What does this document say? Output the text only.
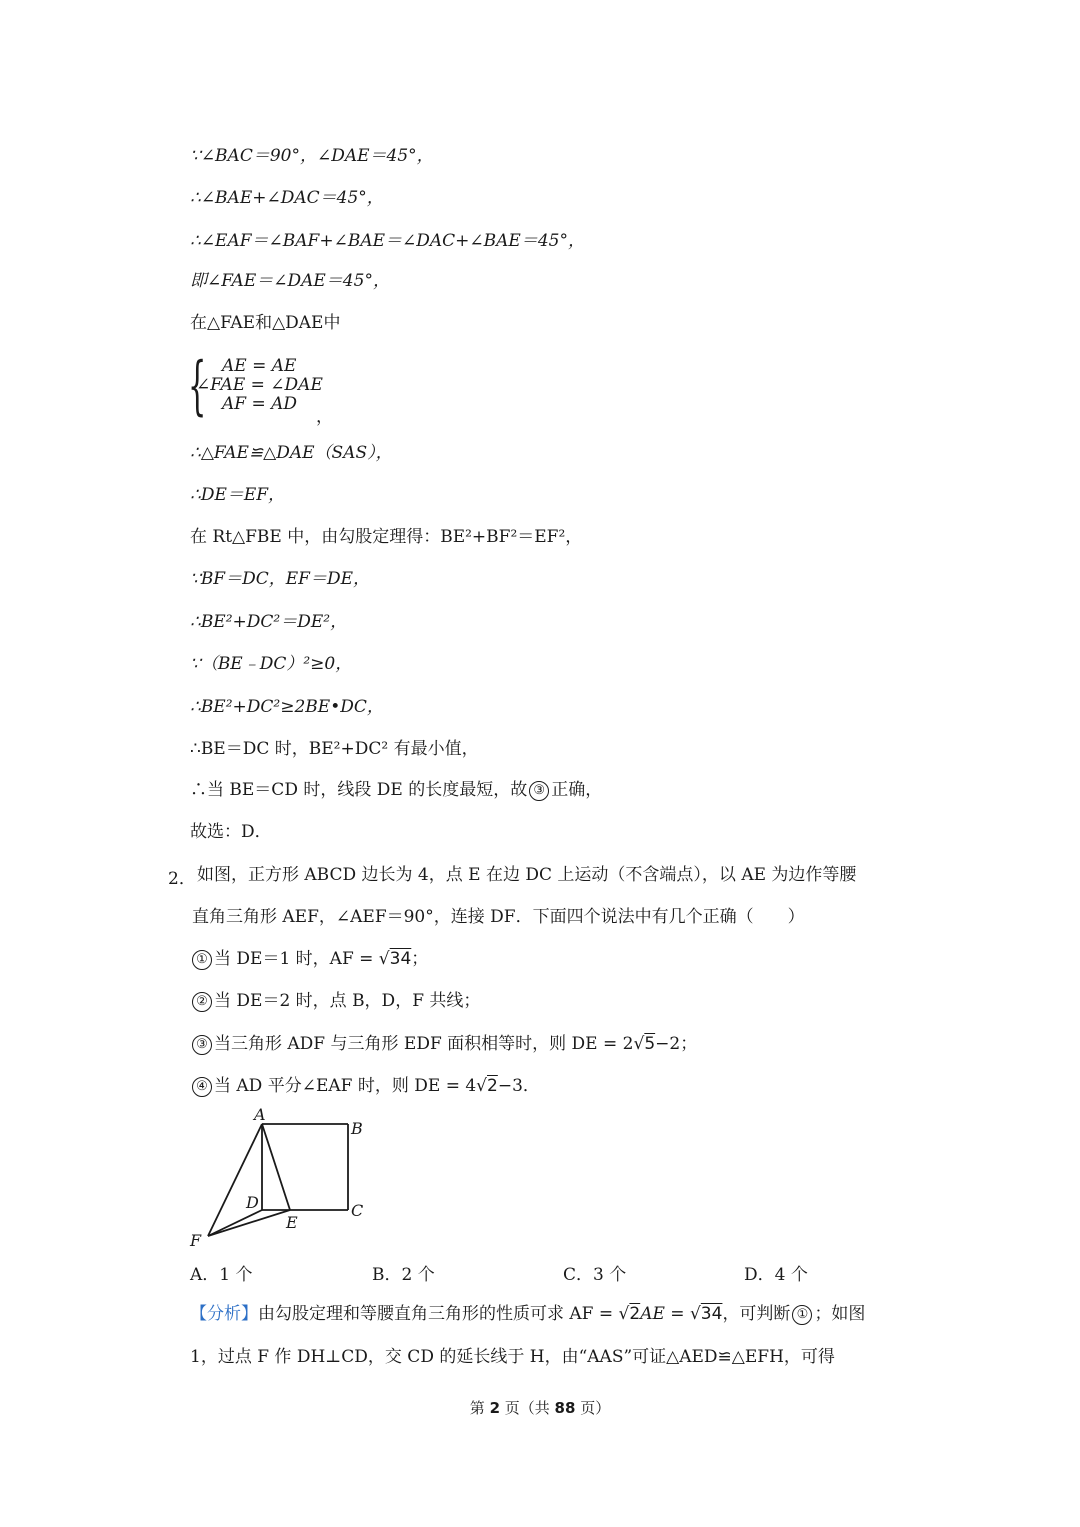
∵∠BAC＝90°，∠DAE＝45°，
∴∠BAE+∠DAC＝45°，
∴∠EAF＝∠BAF+∠BAE＝∠DAC+∠BAE＝45°，
即∠FAE＝∠DAE＝45°，
在△FAE和△DAE中
{ AE = AE
∠FAE = ∠DAE
AF = AD
，
∴△FAE≌△DAE（SAS），
∴DE＝EF，
在 Rt△FBE 中，由勾股定理得：BE²+BF²＝EF²，
∵BF＝DC，EF＝DE，
∴BE²+DC²＝DE²，
∵（BE﹣DC）²≥0，
∴BE²+DC²≥2BE•DC，
∴BE＝DC 时，BE²+DC² 有最小值，
∴当 BE＝CD 时，线段 DE 的长度最短，故 ③ 正确，
故选：D．
2． 如图，正方形 ABCD 边长为 4，点 E 在边 DC 上运动（不含端点），以 AE 为边作等腰
直角三角形 AEF，∠AEF＝90°，连接 DF．下面四个说法中有几个正确（　　）
① 当 DE＝1 时，AF = √34；
② 当 DE＝2 时，点 B，D，F 共线；
③ 当三角形 ADF 与三角形 EDF 面积相等时，则 DE = 2√5−2；
④ 当 AD 平分∠EAF 时，则 DE = 4√2−3．
A
B
C
D
E
F
A．1 个	B．2 个	C．3 个	D．4 个
【分析】由勾股定理和等腰直角三角形的性质可求 AF = √2AE = √34，可判断 ① ；如图
1，过点 F 作 DH⊥CD，交 CD 的延长线于 H，由“AAS”可证△AED≌△EFH，可得
第 2 页（共 88 页）
